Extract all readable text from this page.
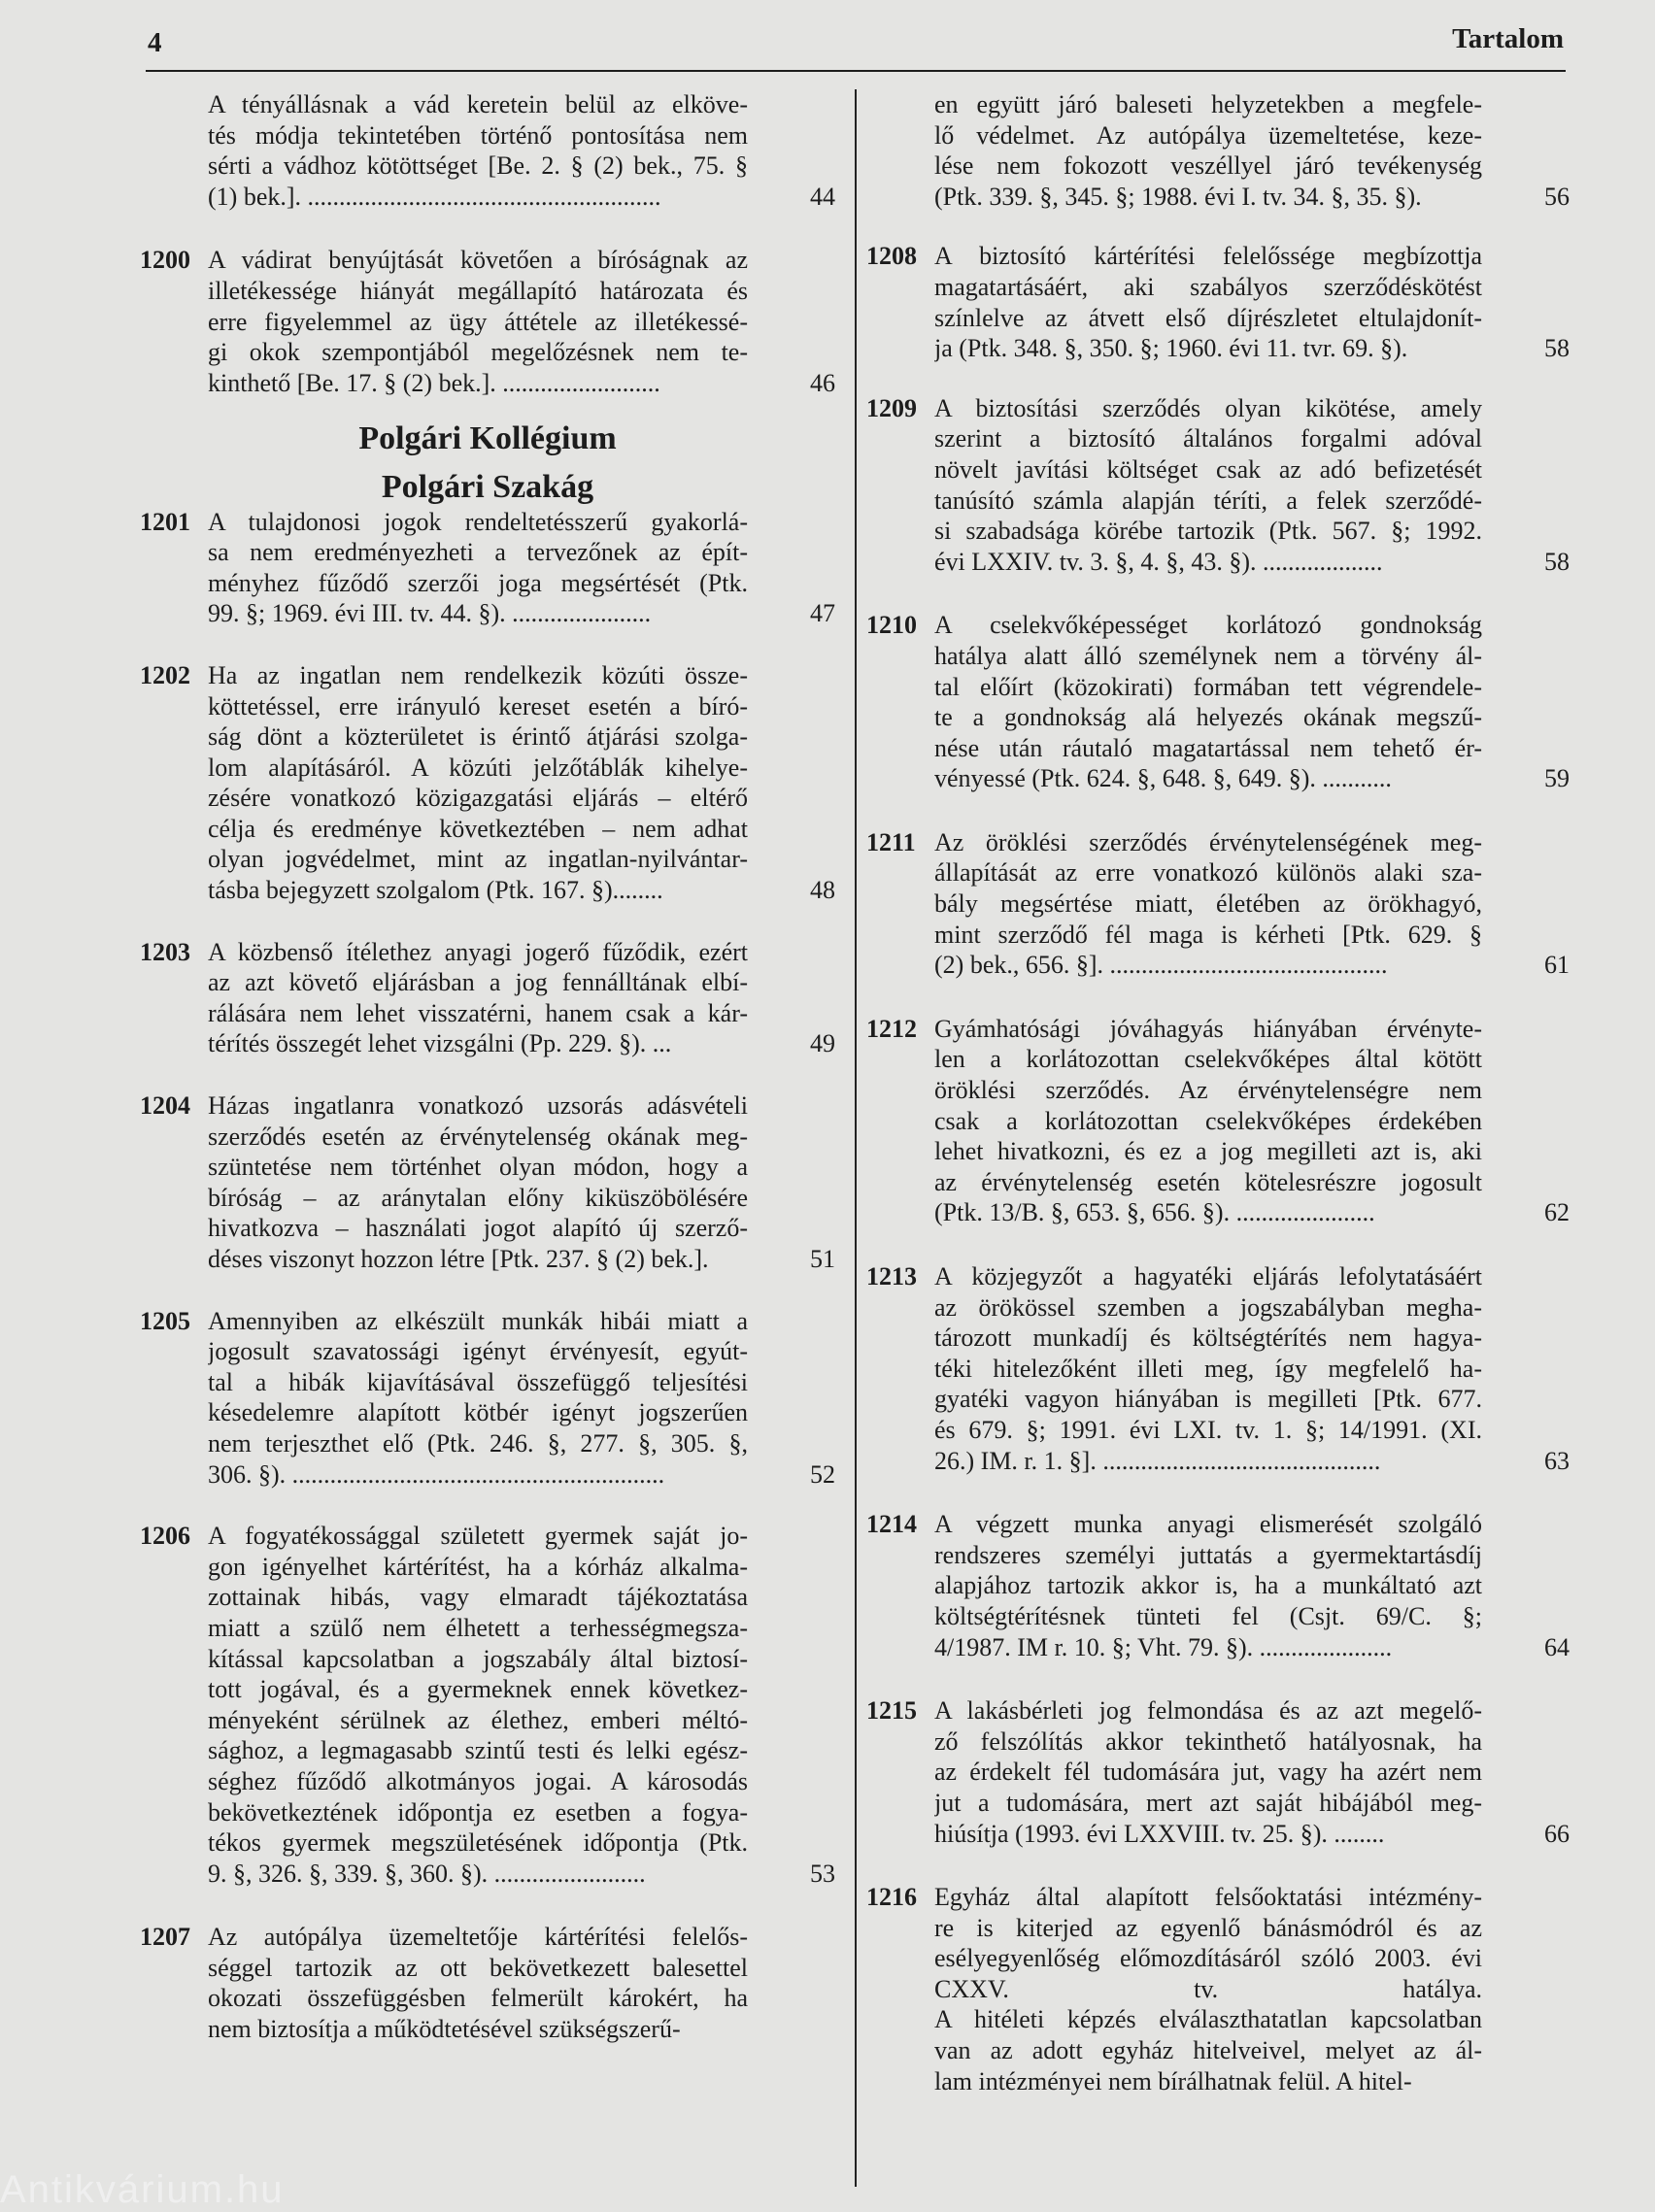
4	Tartalom
A tényállásnak a vád keretein belül az elköve-
tés módja tekintetében történő pontosítása nem
sérti a vádhoz kötöttséget [Be. 2. § (2) bek., 75. §
(1) bek.]. ........................................................	44
1200 A vádirat benyújtását követően a bíróságnak az
illetékessége hiányát megállapító határozata és
erre figyelemmel az ügy áttétele az illetékessé-
gi okok szempontjából megelőzésnek nem te-
kinthető [Be. 17. § (2) bek.]. .........................	46
Polgári Kollégium
Polgári Szakág
1201 A tulajdonosi jogok rendeltetésszerű gyakorlá-
sa nem eredményezheti a tervezőnek az épít-
ményhez fűződő szerzői joga megsértését (Ptk.
99. §; 1969. évi III. tv. 44. §). ......................	47
1202 Ha az ingatlan nem rendelkezik közúti össze-
köttetéssel, erre irányuló kereset esetén a bíró-
ság dönt a közterületet is érintő átjárási szolga-
lom alapításáról. A közúti jelzőtáblák kihelye-
zésére vonatkozó közigazgatási eljárás – eltérő
célja és eredménye következtében – nem adhat
olyan jogvédelmet, mint az ingatlan-nyilvántar-
tásba bejegyzett szolgalom (Ptk. 167. §)........	48
1203 A közbenső ítélethez anyagi jogerő fűződik, ezért
az azt követő eljárásban a jog fennálltának elbí-
rálására nem lehet visszatérni, hanem csak a kár-
térítés összegét lehet vizsgálni (Pp. 229. §). ...	49
1204 Házas ingatlanra vonatkozó uzsorás adásvételi
szerződés esetén az érvénytelenség okának meg-
szüntetése nem történhet olyan módon, hogy a
bíróság – az aránytalan előny kiküszöbölésére
hivatkozva – használati jogot alapító új szerző-
déses viszonyt hozzon létre [Ptk. 237. § (2) bek.].	51
1205 Amennyiben az elkészült munkák hibái miatt a
jogosult szavatossági igényt érvényesít, egyút-
tal a hibák kijavításával összefüggő teljesítési
késedelemre alapított kötbér igényt jogszerűen
nem terjeszthet elő (Ptk. 246. §, 277. §, 305. §,
306. §). ...........................................................	52
1206 A fogyatékossággal született gyermek saját jo-
gon igényelhet kártérítést, ha a kórház alkalma-
zottainak hibás, vagy elmaradt tájékoztatása
miatt a szülő nem élhetett a terhességmegsza-
kítással kapcsolatban a jogszabály által biztosí-
tott jogával, és a gyermeknek ennek következ-
ményeként sérülnek az élethez, emberi méltó-
sághoz, a legmagasabb szintű testi és lelki egész-
séghez fűződő alkotmányos jogai. A károsodás
bekövetkeztének időpontja ez esetben a fogya-
tékos gyermek megszületésének időpontja (Ptk.
9. §, 326. §, 339. §, 360. §). ........................	53
1207 Az autópálya üzemeltetője kártérítési felelős-
séggel tartozik az ott bekövetkezett balesettel
okozati összefüggésben felmerült károkért, ha
nem biztosítja a működtetésével szükségszerű-
en együtt járó baleseti helyzetekben a megfele-
lő védelmet. Az autópálya üzemeltetése, keze-
lése nem fokozott veszéllyel járó tevékenység
(Ptk. 339. §, 345. §; 1988. évi I. tv. 34. §, 35. §).	56
1208 A biztosító kártérítési felelőssége megbízottja
magatartásáért, aki szabályos szerződéskötést
színlelve az átvett első díjrészletet eltulajdonít-
ja (Ptk. 348. §, 350. §; 1960. évi 11. tvr. 69. §).	58
1209 A biztosítási szerződés olyan kikötése, amely
szerint a biztosító általános forgalmi adóval
növelt javítási költséget csak az adó befizetését
tanúsító számla alapján téríti, a felek szerződé-
si szabadsága körébe tartozik (Ptk. 567. §; 1992.
évi LXXIV. tv. 3. §, 4. §, 43. §). ...................	58
1210 A cselekvőképességet korlátozó gondnokság
hatálya alatt álló személynek nem a törvény ál-
tal előírt (közokirati) formában tett végrendele-
te a gondnokság alá helyezés okának megszű-
nése után ráutaló magatartással nem tehető ér-
vényessé (Ptk. 624. §, 648. §, 649. §). ...........	59
1211 Az öröklési szerződés érvénytelenségének meg-
állapítását az erre vonatkozó különös alaki sza-
bály megsértése miatt, életében az örökhagyó,
mint szerződő fél maga is kérheti [Ptk. 629. §
(2) bek., 656. §]. ............................................	61
1212 Gyámhatósági jóváhagyás hiányában érvényte-
len a korlátozottan cselekvőképes által kötött
öröklési szerződés. Az érvénytelenségre nem
csak a korlátozottan cselekvőképes érdekében
lehet hivatkozni, és ez a jog megilleti azt is, aki
az érvénytelenség esetén kötelesrészre jogosult
(Ptk. 13/B. §, 653. §, 656. §). ......................	62
1213 A közjegyzőt a hagyatéki eljárás lefolytatásáért
az örökössel szemben a jogszabályban megha-
tározott munkadíj és költségtérítés nem hagya-
téki hitelezőként illeti meg, így megfelelő ha-
gyatéki vagyon hiányában is megilleti [Ptk. 677.
és 679. §; 1991. évi LXI. tv. 1. §; 14/1991. (XI.
26.) IM. r. 1. §]. ............................................	63
1214 A végzett munka anyagi elismerését szolgáló
rendszeres személyi juttatás a gyermektartásdíj
alapjához tartozik akkor is, ha a munkáltató azt
költségtérítésnek tünteti fel (Csjt. 69/C. §;
4/1987. IM r. 10. §; Vht. 79. §). .....................	64
1215 A lakásbérleti jog felmondása és az azt megelő-
ző felszólítás akkor tekinthető hatályosnak, ha
az érdekelt fél tudomására jut, vagy ha azért nem
jut a tudomására, mert azt saját hibájából meg-
hiúsítja (1993. évi LXXVIII. tv. 25. §). ........	66
1216 Egyház által alapított felsőoktatási intézmény-
re is kiterjed az egyenlő bánásmódról és az
esélyegyenlőség előmozdításáról szóló 2003. évi
CXXV. tv. hatálya.
A hitéleti képzés elválaszthatatlan kapcsolatban
van az adott egyház hitelveivel, melyet az ál-
lam intézményei nem bírálhatnak felül. A hitel-
Antikvárium.hu
